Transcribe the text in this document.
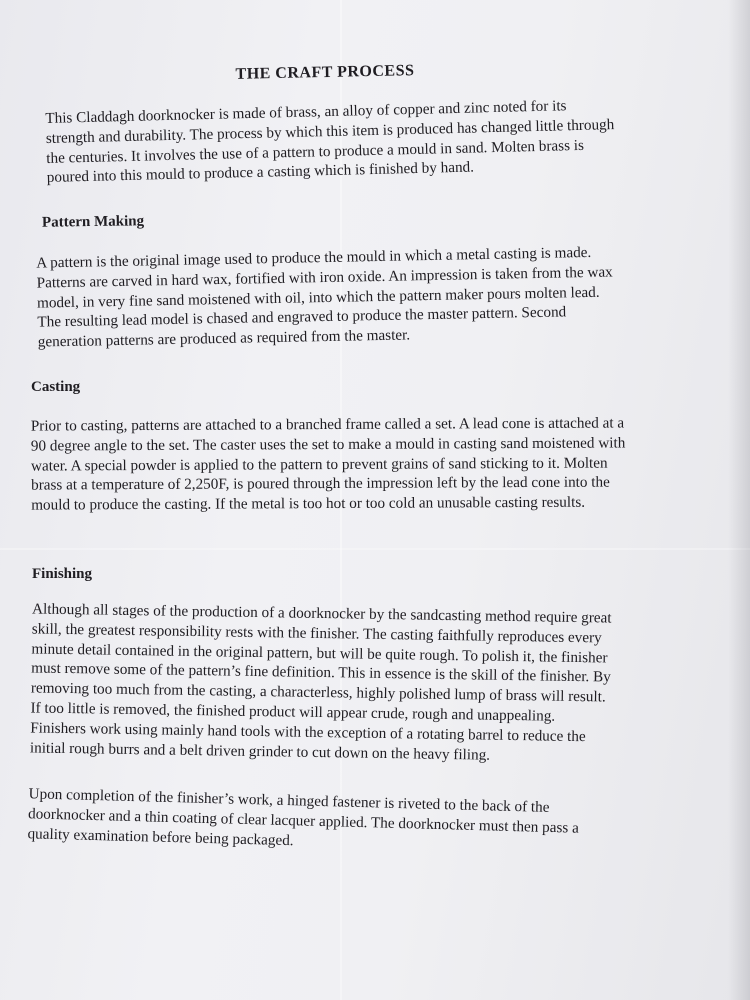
THE CRAFT PROCESS

This Claddagh doorknocker is made of brass, an alloy of copper and zinc noted for its strength and durability. The process by which this item is produced has changed little through the centuries. It involves the use of a pattern to produce a mould in sand. Molten brass is poured into this mould to produce a casting which is finished by hand.

Pattern Making

A pattern is the original image used to produce the mould in which a metal casting is made. Patterns are carved in hard wax, fortified with iron oxide. An impression is taken from the wax model, in very fine sand moistened with oil, into which the pattern maker pours molten lead. The resulting lead model is chased and engraved to produce the master pattern. Second generation patterns are produced as required from the master.

Casting

Prior to casting, patterns are attached to a branched frame called a set. A lead cone is attached at a 90 degree angle to the set. The caster uses the set to make a mould in casting sand moistened with water. A special powder is applied to the pattern to prevent grains of sand sticking to it. Molten brass at a temperature of 2,250F, is poured through the impression left by the lead cone into the mould to produce the casting. If the metal is too hot or too cold an unusable casting results.

Finishing

Although all stages of the production of a doorknocker by the sandcasting method require great skill, the greatest responsibility rests with the finisher. The casting faithfully reproduces every minute detail contained in the original pattern, but will be quite rough. To polish it, the finisher must remove some of the pattern’s fine definition. This in essence is the skill of the finisher. By removing too much from the casting, a characterless, highly polished lump of brass will result. If too little is removed, the finished product will appear crude, rough and unappealing. Finishers work using mainly hand tools with the exception of a rotating barrel to reduce the initial rough burrs and a belt driven grinder to cut down on the heavy filing.

Upon completion of the finisher’s work, a hinged fastener is riveted to the back of the doorknocker and a thin coating of clear lacquer applied. The doorknocker must then pass a quality examination before being packaged.
